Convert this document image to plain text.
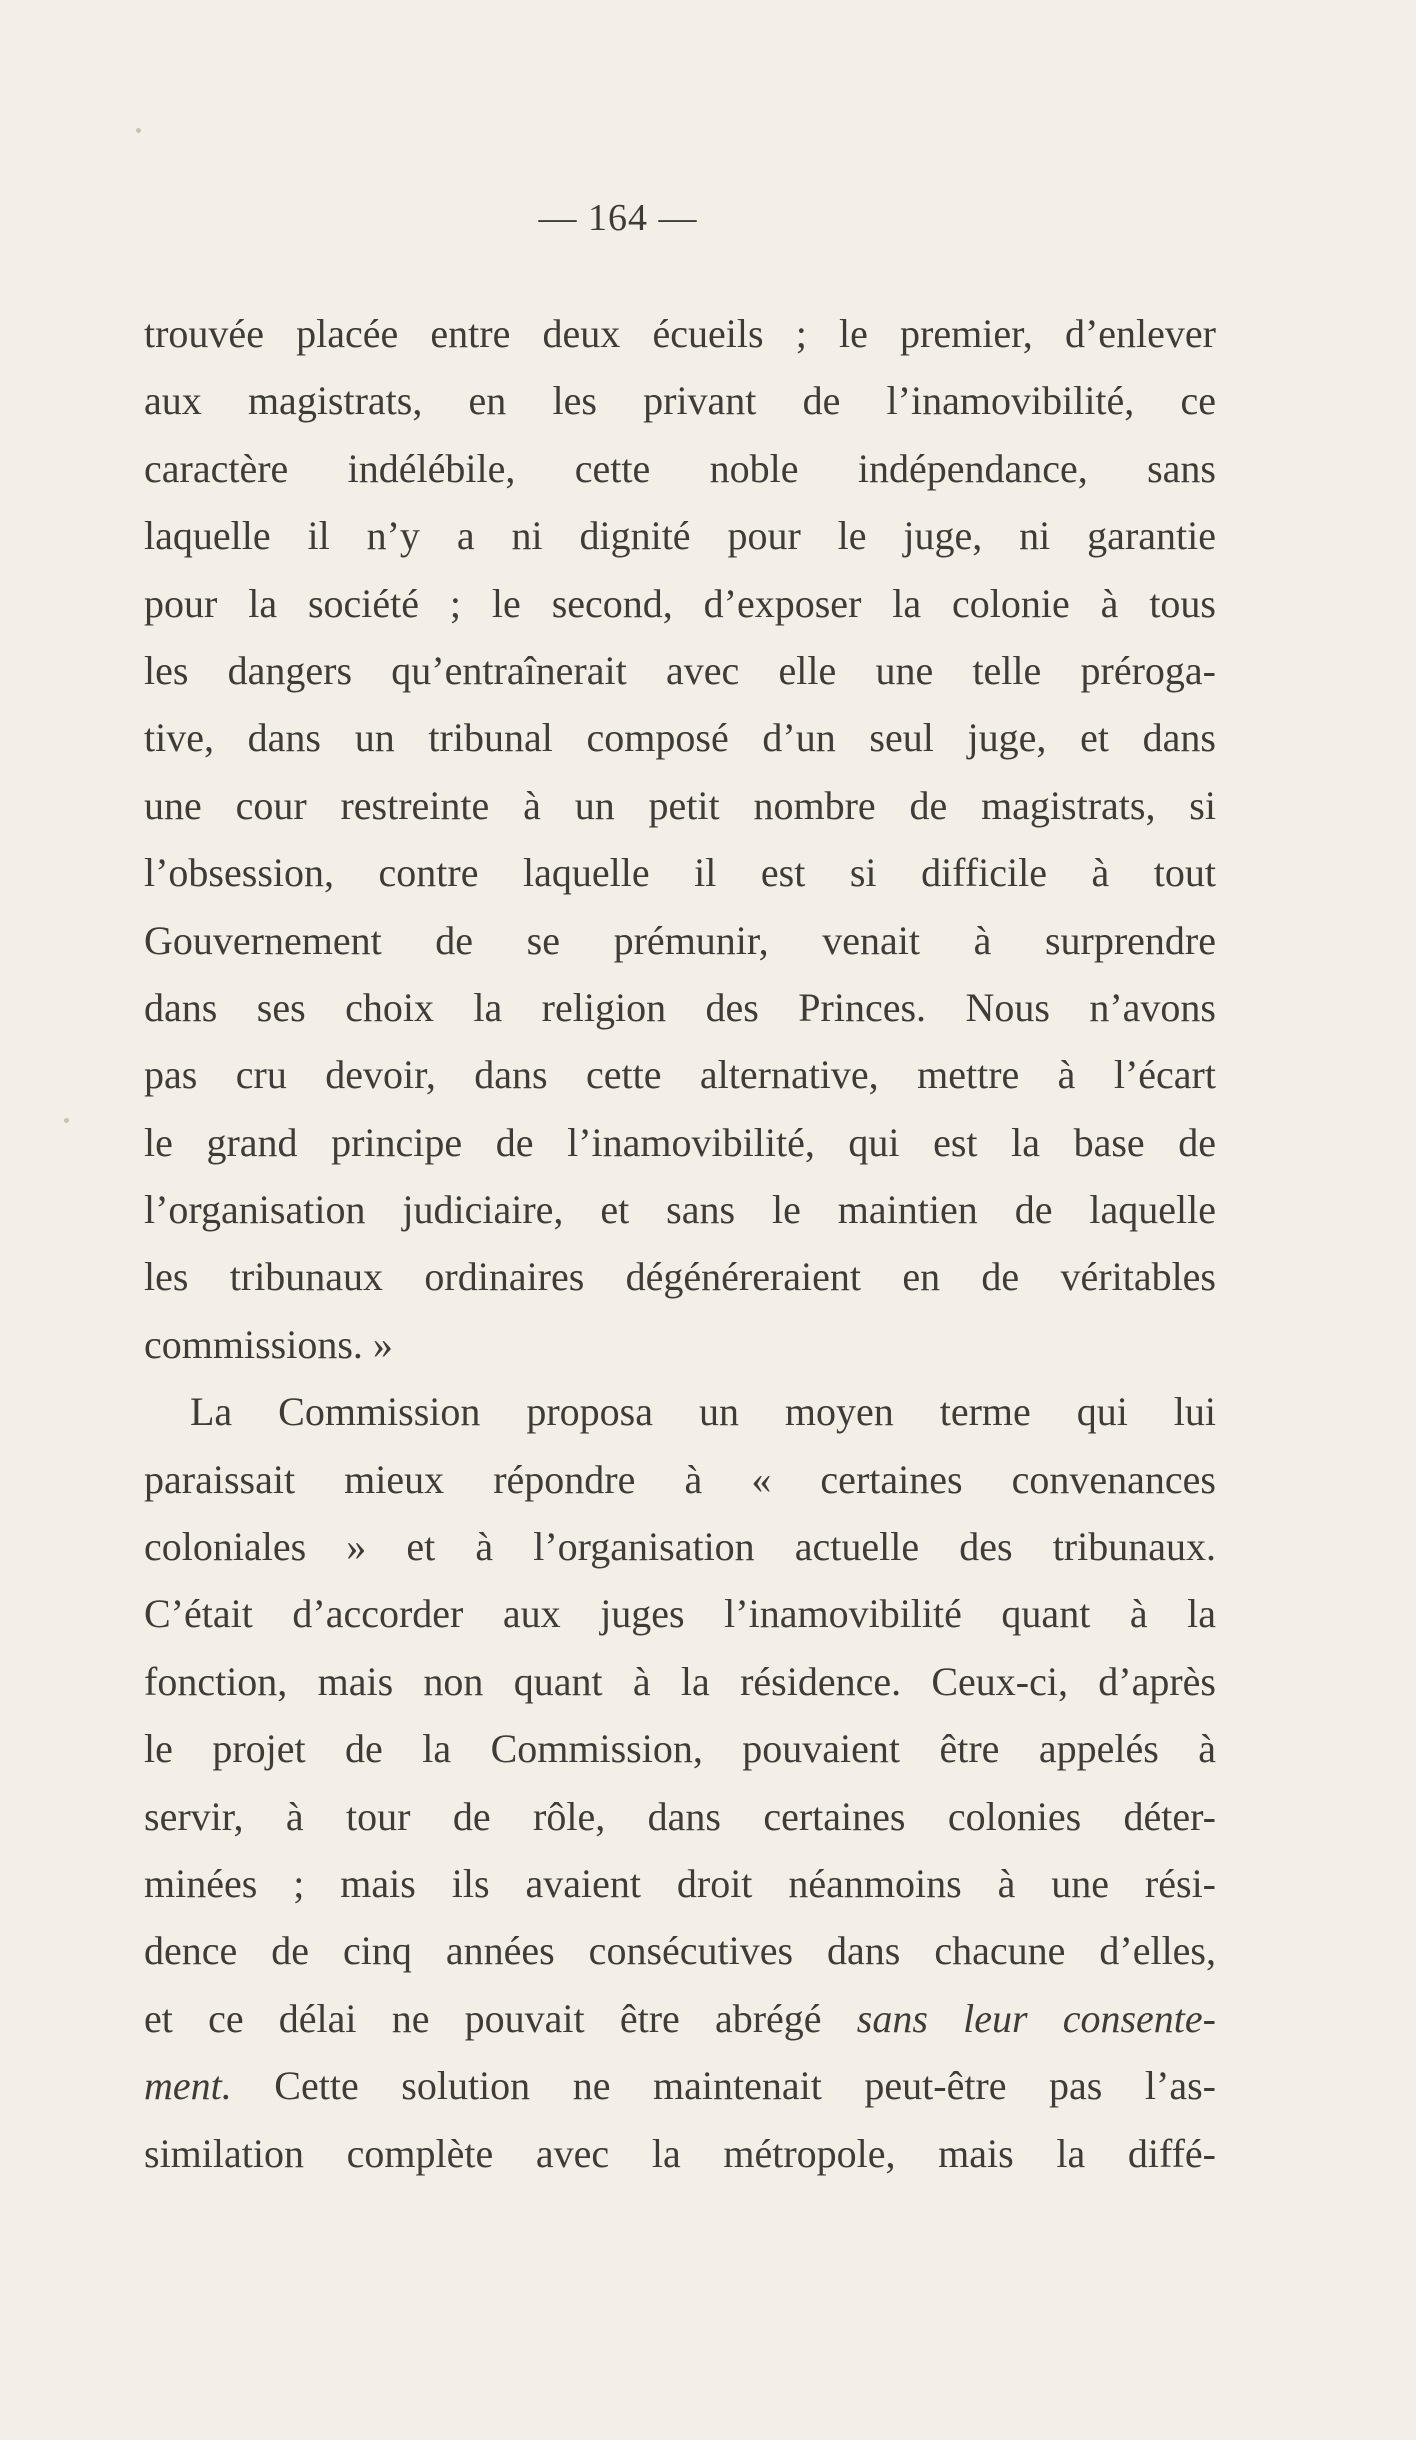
— 164 —
trouvée placée entre deux écueils ; le premier, d’enlever
aux magistrats, en les privant de l’inamovibilité, ce
caractère indélébile, cette noble indépendance, sans
laquelle il n’y a ni dignité pour le juge, ni garantie
pour la société ; le second, d’exposer la colonie à tous
les dangers qu’entraînerait avec elle une telle préroga-
tive, dans un tribunal composé d’un seul juge, et dans
une cour restreinte à un petit nombre de magistrats, si
l’obsession, contre laquelle il est si difficile à tout
Gouvernement de se prémunir, venait à surprendre
dans ses choix la religion des Princes. Nous n’avons
pas cru devoir, dans cette alternative, mettre à l’écart
le grand principe de l’inamovibilité, qui est la base de
l’organisation judiciaire, et sans le maintien de laquelle
les tribunaux ordinaires dégénéreraient en de véritables
commissions. »
La Commission proposa un moyen terme qui lui
paraissait mieux répondre à « certaines convenances
coloniales » et à l’organisation actuelle des tribunaux.
C’était d’accorder aux juges l’inamovibilité quant à la
fonction, mais non quant à la résidence. Ceux-ci, d’après
le projet de la Commission, pouvaient être appelés à
servir, à tour de rôle, dans certaines colonies déter-
minées ; mais ils avaient droit néanmoins à une rési-
dence de cinq années consécutives dans chacune d’elles,
et ce délai ne pouvait être abrégé sans leur consente-
ment. Cette solution ne maintenait peut-être pas l’as-
similation complète avec la métropole, mais la diffé-
